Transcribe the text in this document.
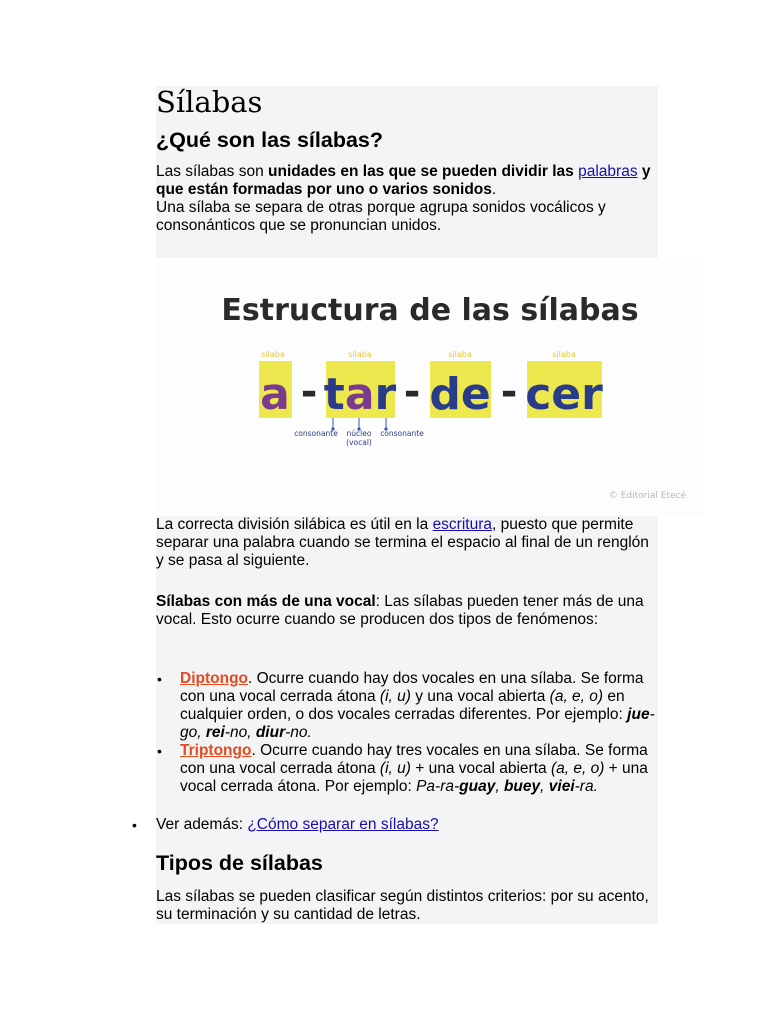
Sílabas
¿Qué son las sílabas?

Las sílabas son unidades en las que se pueden dividir las palabras y que están formadas por uno o varios sonidos.

Una sílaba se separa de otras porque agrupa sonidos vocálicos y consonánticos que se pronuncian unidos.

Estructura de las sílabas
sílaba	sílaba	sílaba	sílaba
a tar de cer
- - -
consonante núcleo
(vocal)
consonante
© Editorial Etecé

La correcta división silábica es útil en la escritura, puesto que permite separar una palabra cuando se termina el espacio al final de un renglón y se pasa al siguiente.

Sílabas con más de una vocal: Las sílabas pueden tener más de una vocal. Esto ocurre cuando se producen dos tipos de fenómenos:

• Diptongo. Ocurre cuando hay dos vocales en una sílaba. Se forma con una vocal cerrada átona (i, u) y una vocal abierta (a, e, o) en cualquier orden, o dos vocales cerradas diferentes. Por ejemplo: jue-go, rei-no, diur-no.
• Triptongo. Ocurre cuando hay tres vocales en una sílaba. Se forma con una vocal cerrada átona (i, u) + una vocal abierta (a, e, o) + una vocal cerrada átona. Por ejemplo: Pa-ra-guay, buey, viei-ra.
• Ver además: ¿Cómo separar en sílabas?
Tipos de sílabas
Las sílabas se pueden clasificar según distintos criterios: por su acento, su terminación y su cantidad de letras.
